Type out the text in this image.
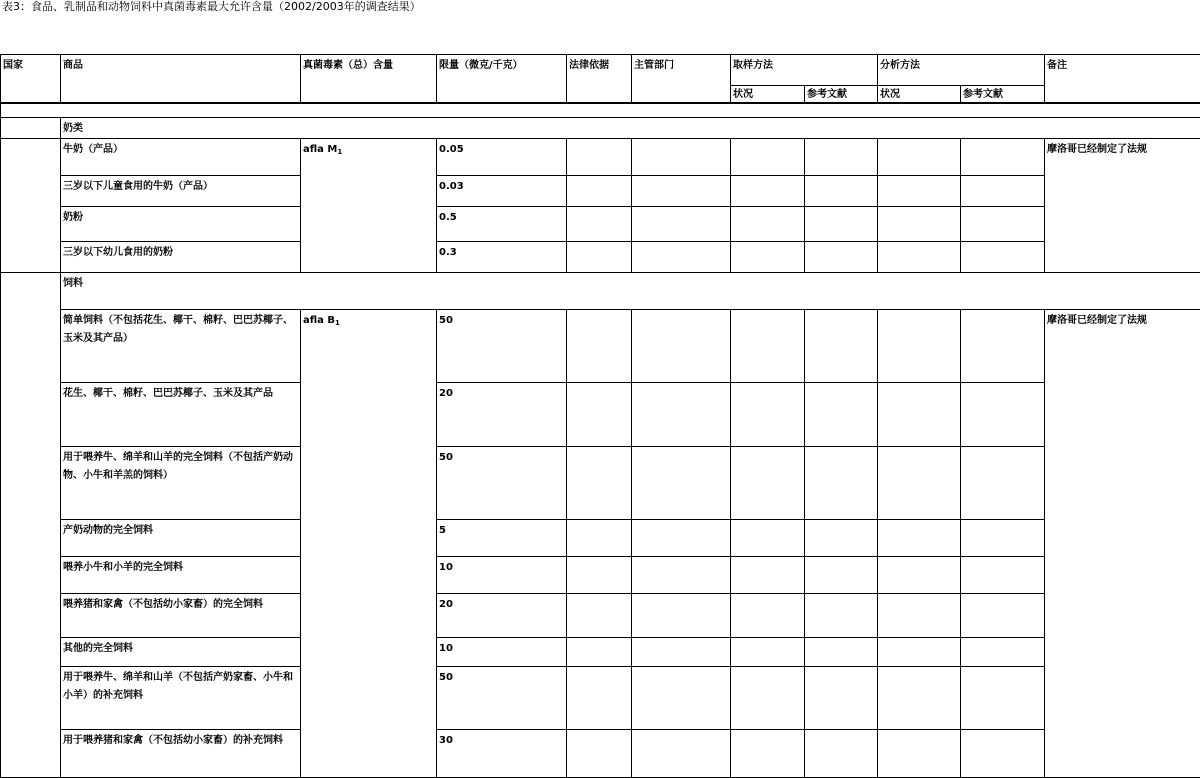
表3：食品、乳制品和动物饲料中真菌毒素最大允许含量（2002/2003年的调查结果）
国家	商品	真菌毒素（总）含量	限量（微克/千克）	法律依据	主管部门	取样方法		分析方法		备注
						状况	参考文献	状况	参考文献	

	奶类									
	牛奶（产品）	afla $M_1$	0.05							摩洛哥已经制定了法规
	三岁以下儿童食用的牛奶（产品）		0.03							
	奶粉		0.5							
	三岁以下幼儿食用的奶粉		0.3							
	饲料									
	简单饲料（不包括花生、椰干、棉籽、巴巴苏椰子、玉米及其产品）	afla $B_1$	50							摩洛哥已经制定了法规
	花生、椰干、棉籽、巴巴苏椰子、玉米及其产品		20							
	用于喂养牛、绵羊和山羊的完全饲料（不包括产奶动物、小牛和羊羔的饲料）		50							
	产奶动物的完全饲料		5							
	喂养小牛和小羊的完全饲料		10							
	喂养猪和家禽（不包括幼小家畜）的完全饲料		20							
	其他的完全饲料		10							
	用于喂养牛、绵羊和山羊（不包括产奶家畜、小牛和小羊）的补充饲料		50							
	用于喂养猪和家禽（不包括幼小家畜）的补充饲料		30							
